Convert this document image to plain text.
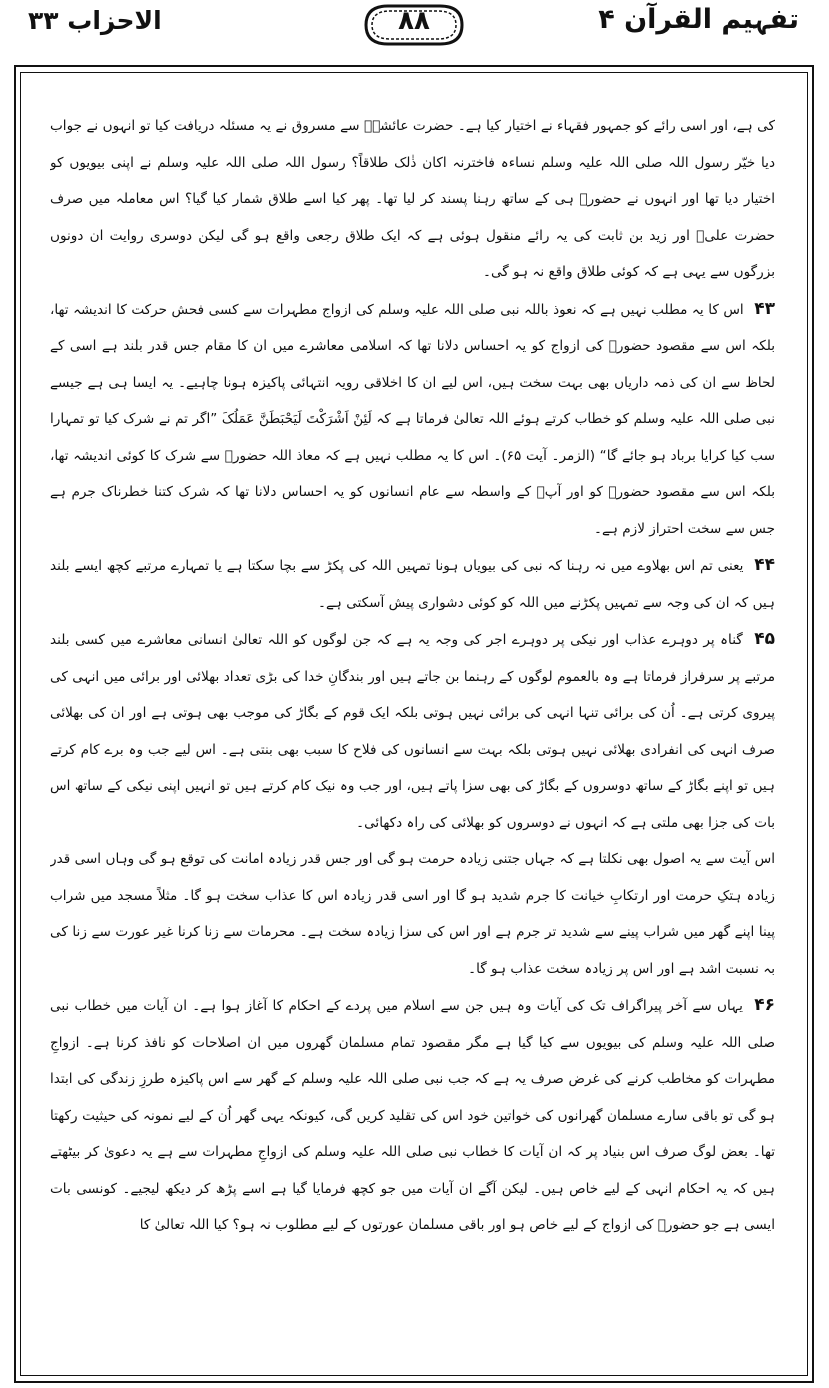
تفہیم القرآن ۴
۸۸
الاحزاب ۳۳

کی ہے، اور اسی رائے کو جمہور فقہاء نے اختیار کیا ہے۔ حضرت عائشہؓ سے مسروق نے یہ مسئلہ دریافت کیا تو انہوں نے جواب دیا خیّر رسول اللہ صلی اللہ علیہ وسلم نساءہ فاخترنہ اکان ذٰلک طلاقاً؟ رسول اللہ صلی اللہ علیہ وسلم نے اپنی بیویوں کو اختیار دیا تھا اور انہوں نے حضورؐ ہی کے ساتھ رہنا پسند کر لیا تھا۔ پھر کیا اسے طلاق شمار کیا گیا؟ اس معاملہ میں صرف حضرت علیؓ اور زید بن ثابت کی یہ رائے منقول ہوئی ہے کہ ایک طلاق رجعی واقع ہو گی لیکن دوسری روایت ان دونوں بزرگوں سے یہی ہے کہ کوئی طلاق واقع نہ ہو گی۔

۴۳ اس کا یہ مطلب نہیں ہے کہ نعوذ باللہ نبی صلی اللہ علیہ وسلم کی ازواج مطہرات سے کسی فحش حرکت کا اندیشہ تھا، بلکہ اس سے مقصود حضورؐ کی ازواج کو یہ احساس دلانا تھا کہ اسلامی معاشرے میں ان کا مقام جس قدر بلند ہے اسی کے لحاظ سے ان کی ذمہ داریاں بھی بہت سخت ہیں، اس لیے ان کا اخلاقی رویہ انتہائی پاکیزہ ہونا چاہیے۔ یہ ایسا ہی ہے جیسے نبی صلی اللہ علیہ وسلم کو خطاب کرتے ہوئے اللہ تعالیٰ فرماتا ہے کہ لَئِنْ اَشْرَکْتَ لَیَحْبَطَنَّ عَمَلُکَ ”اگر تم نے شرک کیا تو تمہارا سب کیا کرایا برباد ہو جائے گا“ (الزمر۔ آیت ۶۵)۔ اس کا یہ مطلب نہیں ہے کہ معاذ اللہ حضورؐ سے شرک کا کوئی اندیشہ تھا، بلکہ اس سے مقصود حضورؐ کو اور آپؐ کے واسطہ سے عام انسانوں کو یہ احساس دلانا تھا کہ شرک کتنا خطرناک جرم ہے جس سے سخت احتراز لازم ہے۔

۴۴ یعنی تم اس بھلاوے میں نہ رہنا کہ نبی کی بیویاں ہونا تمہیں اللہ کی پکڑ سے بچا سکتا ہے یا تمہارے مرتبے کچھ ایسے بلند ہیں کہ ان کی وجہ سے تمہیں پکڑنے میں اللہ کو کوئی دشواری پیش آسکتی ہے۔

۴۵ گناہ پر دوہرے عذاب اور نیکی پر دوہرے اجر کی وجہ یہ ہے کہ جن لوگوں کو اللہ تعالیٰ انسانی معاشرے میں کسی بلند مرتبے پر سرفراز فرماتا ہے وہ بالعموم لوگوں کے رہنما بن جاتے ہیں اور بندگانِ خدا کی بڑی تعداد بھلائی اور برائی میں انہی کی پیروی کرتی ہے۔ اُن کی برائی تنہا انہی کی برائی نہیں ہوتی بلکہ ایک قوم کے بگاڑ کی موجب بھی ہوتی ہے اور ان کی بھلائی صرف انہی کی انفرادی بھلائی نہیں ہوتی بلکہ بہت سے انسانوں کی فلاح کا سبب بھی بنتی ہے۔ اس لیے جب وہ برے کام کرتے ہیں تو اپنے بگاڑ کے ساتھ دوسروں کے بگاڑ کی بھی سزا پاتے ہیں، اور جب وہ نیک کام کرتے ہیں تو انہیں اپنی نیکی کے ساتھ اس بات کی جزا بھی ملتی ہے کہ انہوں نے دوسروں کو بھلائی کی راہ دکھائی۔

اس آیت سے یہ اصول بھی نکلتا ہے کہ جہاں جتنی زیادہ حرمت ہو گی اور جس قدر زیادہ امانت کی توقع ہو گی وہاں اسی قدر زیادہ ہتکِ حرمت اور ارتکابِ خیانت کا جرم شدید ہو گا اور اسی قدر زیادہ اس کا عذاب سخت ہو گا۔ مثلاً مسجد میں شراب پینا اپنے گھر میں شراب پینے سے شدید تر جرم ہے اور اس کی سزا زیادہ سخت ہے۔ محرمات سے زنا کرنا غیر عورت سے زنا کی بہ نسبت اشد ہے اور اس پر زیادہ سخت عذاب ہو گا۔

۴۶ یہاں سے آخر پیراگراف تک کی آیات وہ ہیں جن سے اسلام میں پردے کے احکام کا آغاز ہوا ہے۔ ان آیات میں خطاب نبی صلی اللہ علیہ وسلم کی بیویوں سے کیا گیا ہے مگر مقصود تمام مسلمان گھروں میں ان اصلاحات کو نافذ کرنا ہے۔ ازواجِ مطہرات کو مخاطب کرنے کی غرض صرف یہ ہے کہ جب نبی صلی اللہ علیہ وسلم کے گھر سے اس پاکیزہ طرزِ زندگی کی ابتدا ہو گی تو باقی سارے مسلمان گھرانوں کی خواتین خود اس کی تقلید کریں گی، کیونکہ یہی گھر اُن کے لیے نمونہ کی حیثیت رکھتا تھا۔ بعض لوگ صرف اس بنیاد پر کہ ان آیات کا خطاب نبی صلی اللہ علیہ وسلم کی ازواجِ مطہرات سے ہے یہ دعویٰ کر بیٹھتے ہیں کہ یہ احکام انہی کے لیے خاص ہیں۔ لیکن آگے ان آیات میں جو کچھ فرمایا گیا ہے اسے پڑھ کر دیکھ لیجیے۔ کونسی بات ایسی ہے جو حضورؐ کی ازواج کے لیے خاص ہو اور باقی مسلمان عورتوں کے لیے مطلوب نہ ہو؟ کیا اللہ تعالیٰ کا
